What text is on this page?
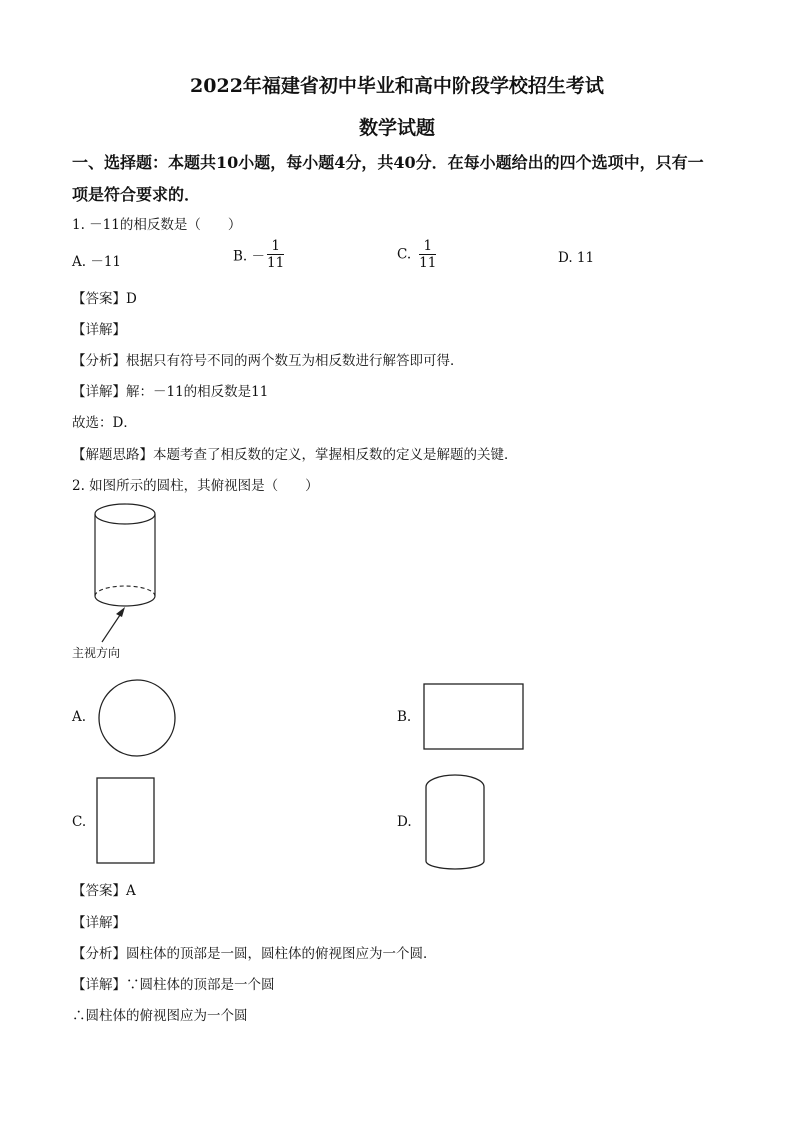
2022年福建省初中毕业和高中阶段学校招生考试
数学试题
一、选择题：本题共10小题，每小题4分，共40分．在每小题给出的四个选项中，只有一
项是符合要求的．
1. －11的相反数是（　　）
A. －11	B. － $\frac{1}{11}$	C. $\frac{1}{11}$	D. 11
【答案】D
【详解】
【分析】根据只有符号不同的两个数互为相反数进行解答即可得．
【详解】解：－11的相反数是11
故选：D．
【解题思路】本题考查了相反数的定义，掌握相反数的定义是解题的关键．
2. 如图所示的圆柱，其俯视图是（　　）
主视方向
A.	B.
C.	D.
【答案】A
【详解】
【分析】圆柱体的顶部是一圆，圆柱体的俯视图应为一个圆．
【详解】∵圆柱体的顶部是一个圆
∴圆柱体的俯视图应为一个圆
